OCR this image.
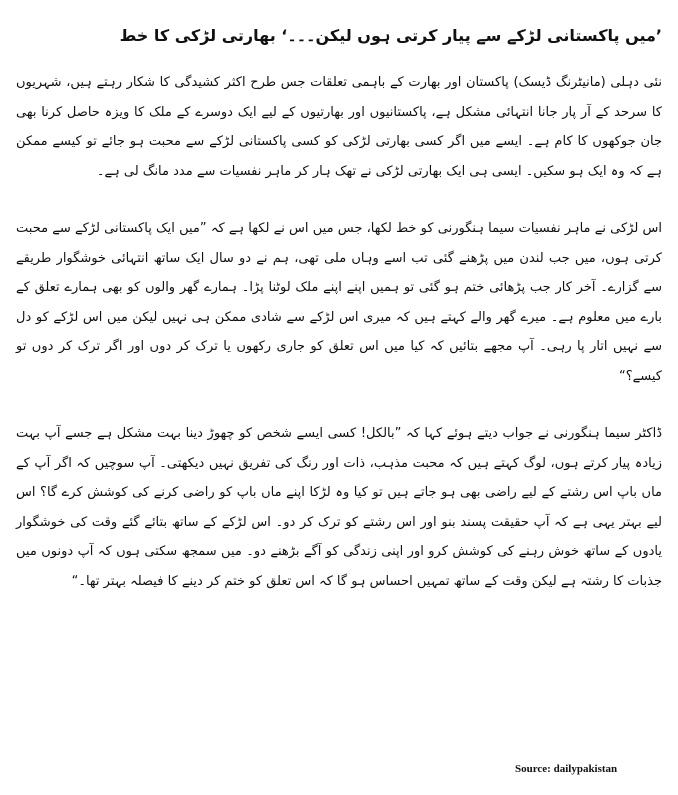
’میں پاکستانی لڑکے سے پیار کرتی ہوں لیکن۔۔۔‘ بھارتی لڑکی کا خط

نئی دہلی (مانیٹرنگ ڈیسک) پاکستان اور بھارت کے باہمی تعلقات جس طرح اکثر کشیدگی کا شکار رہتے ہیں، شہریوں کا سرحد کے آر پار جانا انتہائی مشکل ہے، پاکستانیوں اور بھارتیوں کے لیے ایک دوسرے کے ملک کا ویزہ حاصل کرنا بھی جان جوکھوں کا کام ہے۔ ایسے میں اگر کسی بھارتی لڑکی کو کسی پاکستانی لڑکے سے محبت ہو جائے تو کیسے ممکن ہے کہ وہ ایک ہو سکیں۔ ایسی ہی ایک بھارتی لڑکی نے تھک ہار کر ماہر نفسیات سے مدد مانگ لی ہے۔

اس لڑکی نے ماہر نفسیات سیما ہنگورنی کو خط لکھا، جس میں اس نے لکھا ہے کہ ”میں ایک پاکستانی لڑکے سے محبت کرتی ہوں، میں جب لندن میں پڑھنے گئی تب اسے وہاں ملی تھی، ہم نے دو سال ایک ساتھ انتہائی خوشگوار طریقے سے گزارے۔ آخر کار جب پڑھائی ختم ہو گئی تو ہمیں اپنے اپنے ملک لوٹنا پڑا۔ ہمارے گھر والوں کو بھی ہمارے تعلق کے بارے میں معلوم ہے۔ میرے گھر والے کہتے ہیں کہ میری اس لڑکے سے شادی ممکن ہی نہیں لیکن میں اس لڑکے کو دل سے نہیں اتار پا رہی۔ آپ مجھے بتائیں کہ کیا میں اس تعلق کو جاری رکھوں یا ترک کر دوں اور اگر ترک کر دوں تو کیسے؟“

ڈاکٹر سیما ہنگورنی نے جواب دیتے ہوئے کہا کہ ”بالکل! کسی ایسے شخص کو چھوڑ دینا بہت مشکل ہے جسے آپ بہت زیادہ پیار کرتے ہوں، لوگ کہتے ہیں کہ محبت مذہب، ذات اور رنگ کی تفریق نہیں دیکھتی۔ آپ سوچیں کہ اگر آپ کے ماں باپ اس رشتے کے لیے راضی بھی ہو جاتے ہیں تو کیا وہ لڑکا اپنے ماں باپ کو راضی کرنے کی کوشش کرے گا؟ اس لیے بہتر یہی ہے کہ آپ حقیقت پسند بنو اور اس رشتے کو ترک کر دو۔ اس لڑکے کے ساتھ بتائے گئے وقت کی خوشگوار یادوں کے ساتھ خوش رہنے کی کوشش کرو اور اپنی زندگی کو آگے بڑھنے دو۔ میں سمجھ سکتی ہوں کہ آپ دونوں میں جذبات کا رشتہ ہے لیکن وقت کے ساتھ تمہیں احساس ہو گا کہ اس تعلق کو ختم کر دینے کا فیصلہ بہتر تھا۔“

Source: dailypakistan
